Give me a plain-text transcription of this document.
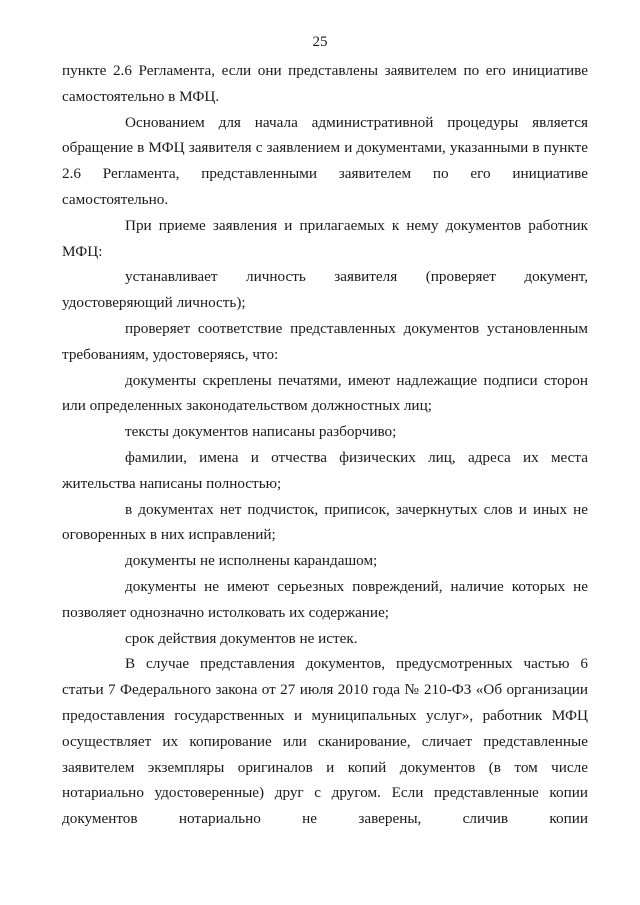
25

пункте 2.6 Регламента, если они представлены заявителем по его инициативе самостоятельно в МФЦ.

Основанием для начала административной процедуры является обращение в МФЦ заявителя с заявлением и документами, указанными в пункте 2.6 Регламента, представленными заявителем по его инициативе самостоятельно.

При приеме заявления и прилагаемых к нему документов работник МФЦ:

устанавливает личность заявителя (проверяет документ, удостоверяющий личность);

проверяет соответствие представленных документов установленным требованиям, удостоверяясь, что:

документы скреплены печатями, имеют надлежащие подписи сторон или определенных законодательством должностных лиц;

тексты документов написаны разборчиво;

фамилии, имена и отчества физических лиц, адреса их места жительства написаны полностью;

в документах нет подчисток, приписок, зачеркнутых слов и иных не оговоренных в них исправлений;

документы не исполнены карандашом;

документы не имеют серьезных повреждений, наличие которых не позволяет однозначно истолковать их содержание;

срок действия документов не истек.

В случае представления документов, предусмотренных частью 6 статьи 7 Федерального закона от 27 июля 2010 года № 210-ФЗ «Об организации предоставления государственных и муниципальных услуг», работник МФЦ осуществляет их копирование или сканирование, сличает представленные заявителем экземпляры оригиналов и копий документов (в том числе нотариально удостоверенные) друг с другом. Если представленные копии документов нотариально не заверены, сличив копии
